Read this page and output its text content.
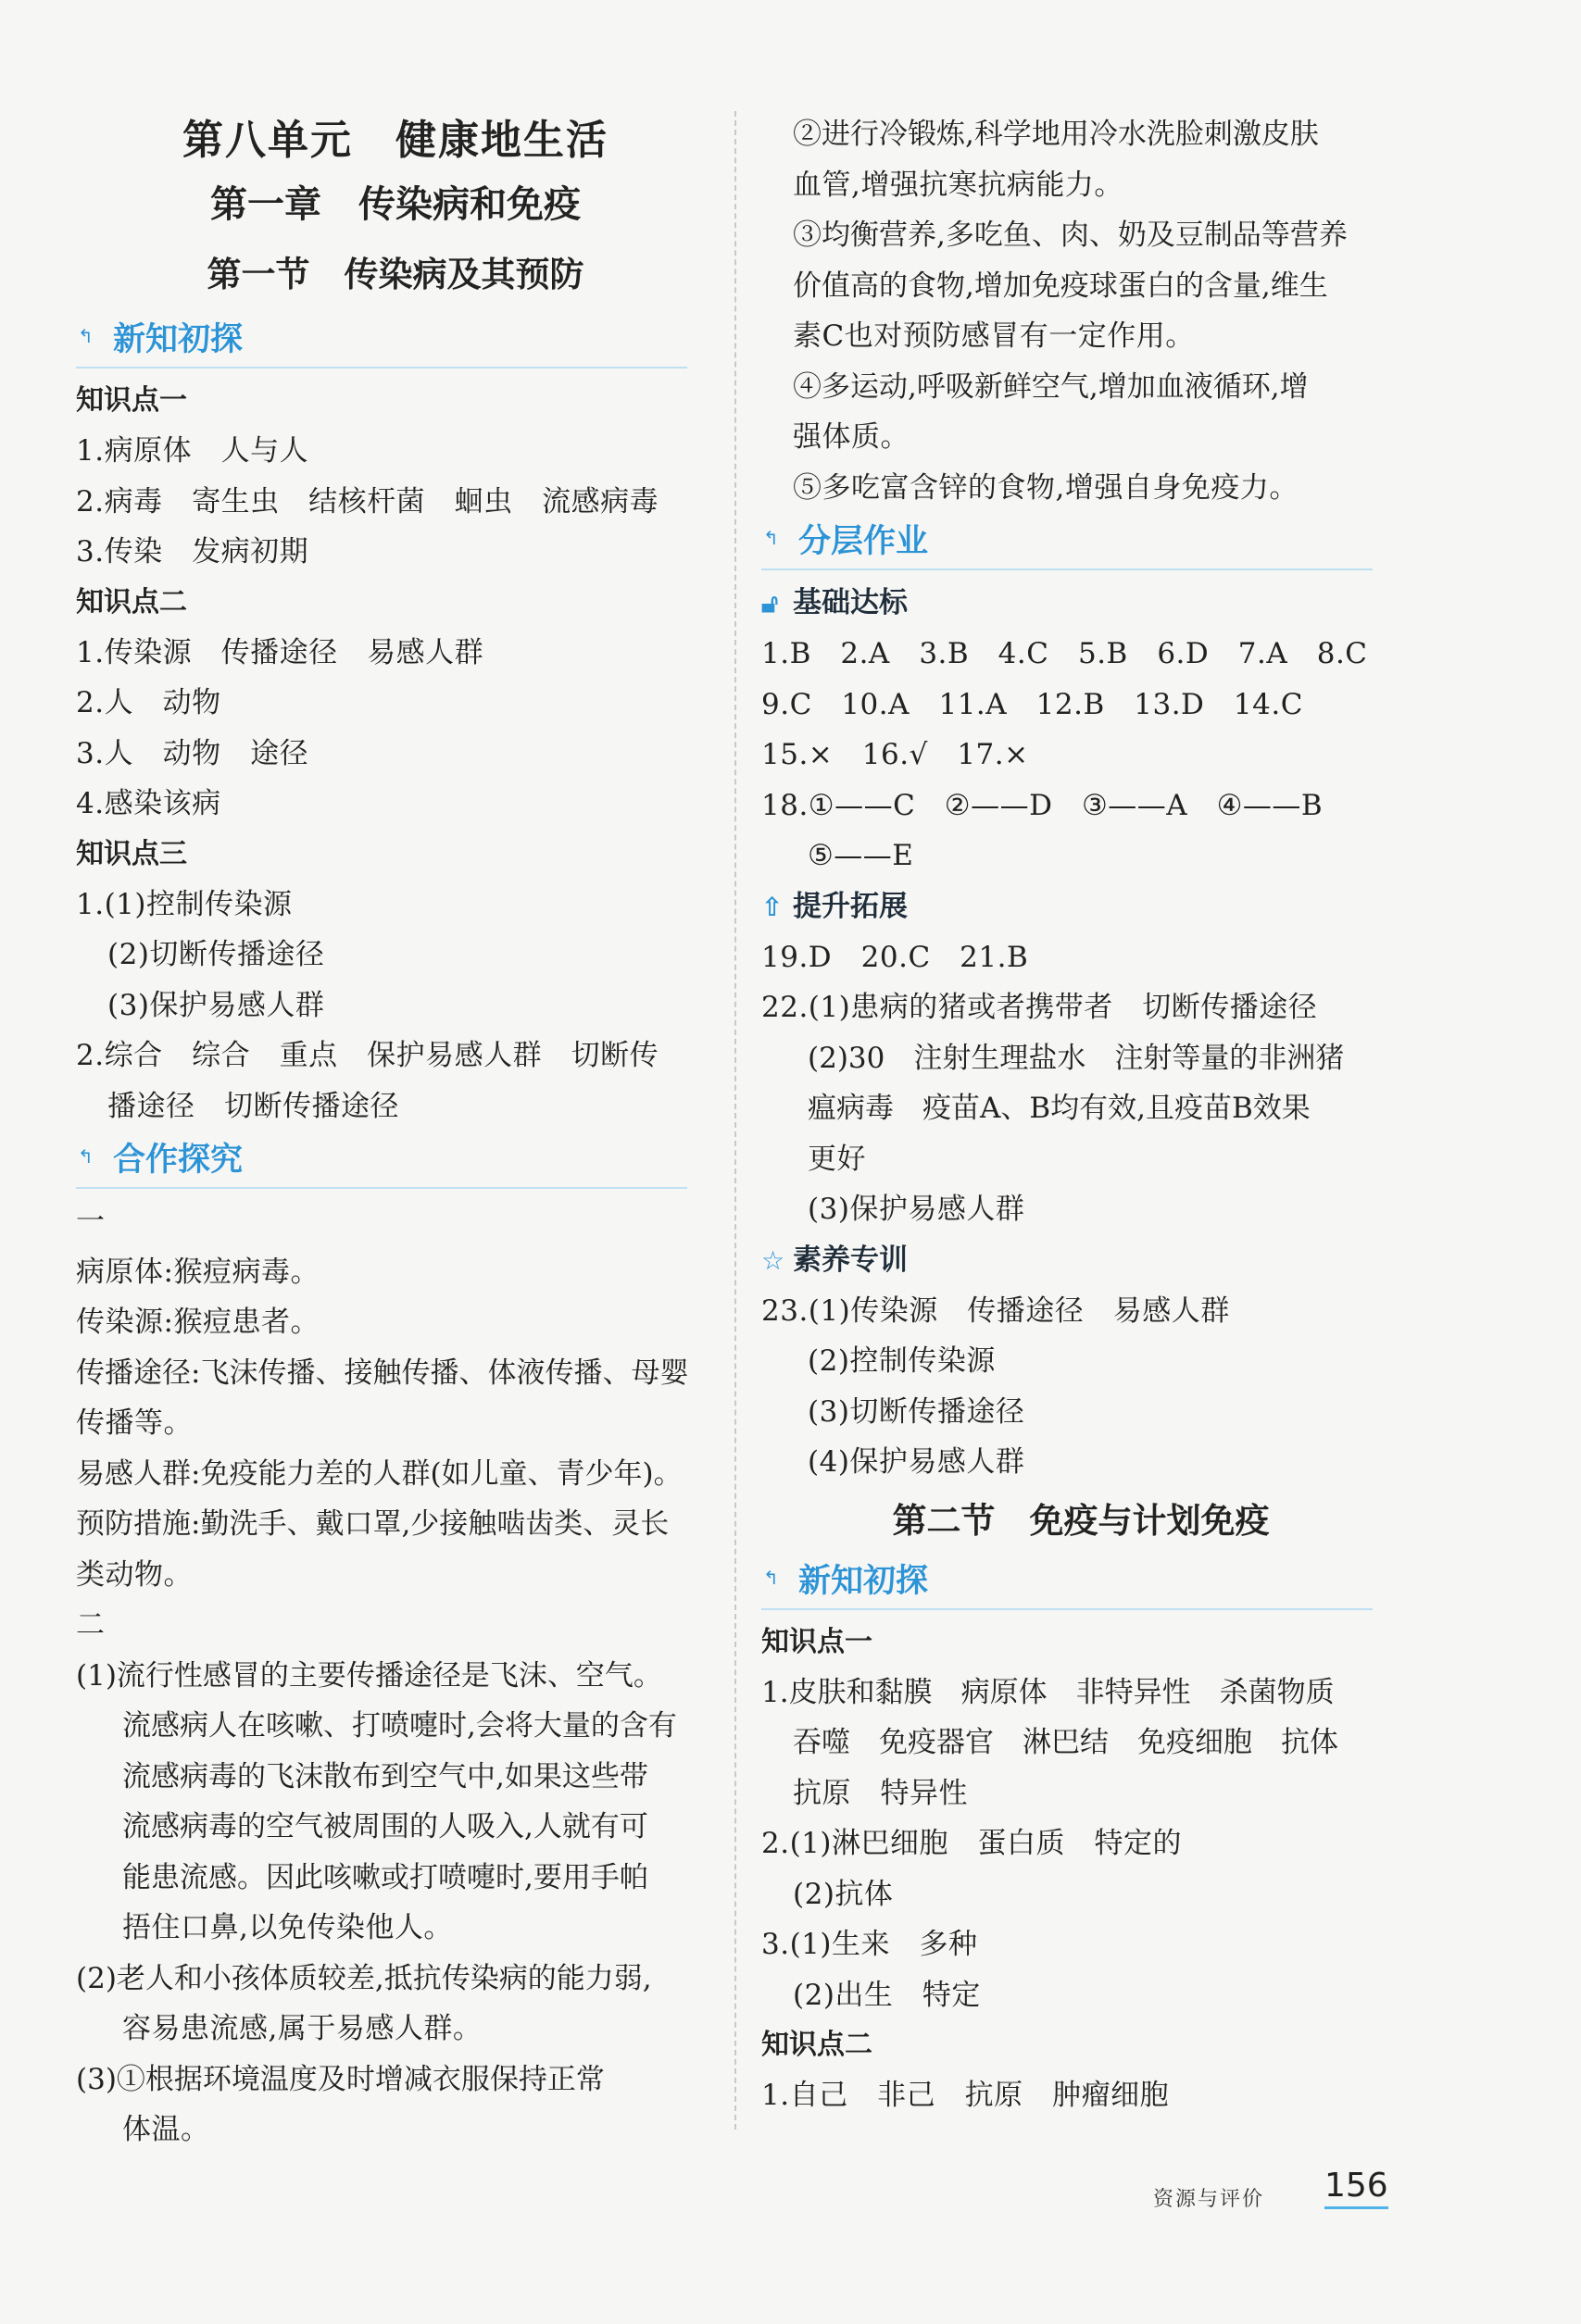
第八单元　健康地生活
第一章　传染病和免疫
第一节　传染病及其预防
↰ 新知初探
知识点一
1.病原体　人与人
2.病毒　寄生虫　结核杆菌　蛔虫　流感病毒
3.传染　发病初期
知识点二
1.传染源　传播途径　易感人群
2.人　动物
3.人　动物　途径
4.感染该病
知识点三
1.(1)控制传染源
(2)切断传播途径
(3)保护易感人群
2.综合　综合　重点　保护易感人群　切断传
播途径　切断传播途径
↰ 合作探究
一
病原体:猴痘病毒。
传染源:猴痘患者。
传播途径:飞沫传播、接触传播、体液传播、母婴
传播等。
易感人群:免疫能力差的人群(如儿童、青少年)。
预防措施:勤洗手、戴口罩,少接触啮齿类、灵长
类动物。
二
(1)流行性感冒的主要传播途径是飞沫、空气。
流感病人在咳嗽、打喷嚏时,会将大量的含有
流感病毒的飞沫散布到空气中,如果这些带
流感病毒的空气被周围的人吸入,人就有可
能患流感。因此咳嗽或打喷嚏时,要用手帕
捂住口鼻,以免传染他人。
(2)老人和小孩体质较差,抵抗传染病的能力弱,
容易患流感,属于易感人群。
(3)①根据环境温度及时增减衣服保持正常
体温。
②进行冷锻炼,科学地用冷水洗脸刺激皮肤
血管,增强抗寒抗病能力。
③均衡营养,多吃鱼、肉、奶及豆制品等营养
价值高的食物,增加免疫球蛋白的含量,维生
素C也对预防感冒有一定作用。
④多运动,呼吸新鲜空气,增加血液循环,增
强体质。
⑤多吃富含锌的食物,增强自身免疫力。
↰ 分层作业
🔓︎ 基础达标
1.B　2.A　3.B　4.C　5.B　6.D　7.A　8.C
9.C　10.A　11.A　12.B　13.D　14.C
15.×　16.√　17.×
18.①——C　②——D　③——A　④——B
⑤——E
⇧ 提升拓展
19.D　20.C　21.B
22.(1)患病的猪或者携带者　切断传播途径
(2)30　注射生理盐水　注射等量的非洲猪
瘟病毒　疫苗A、B均有效,且疫苗B效果
更好
(3)保护易感人群
☆ 素养专训
23.(1)传染源　传播途径　易感人群
(2)控制传染源
(3)切断传播途径
(4)保护易感人群
第二节　免疫与计划免疫
↰ 新知初探
知识点一
1.皮肤和黏膜　病原体　非特异性　杀菌物质
吞噬　免疫器官　淋巴结　免疫细胞　抗体
抗原　特异性
2.(1)淋巴细胞　蛋白质　特定的
(2)抗体
3.(1)生来　多种
(2)出生　特定
知识点二
1.自己　非己　抗原　肿瘤细胞
资源与评价 156
